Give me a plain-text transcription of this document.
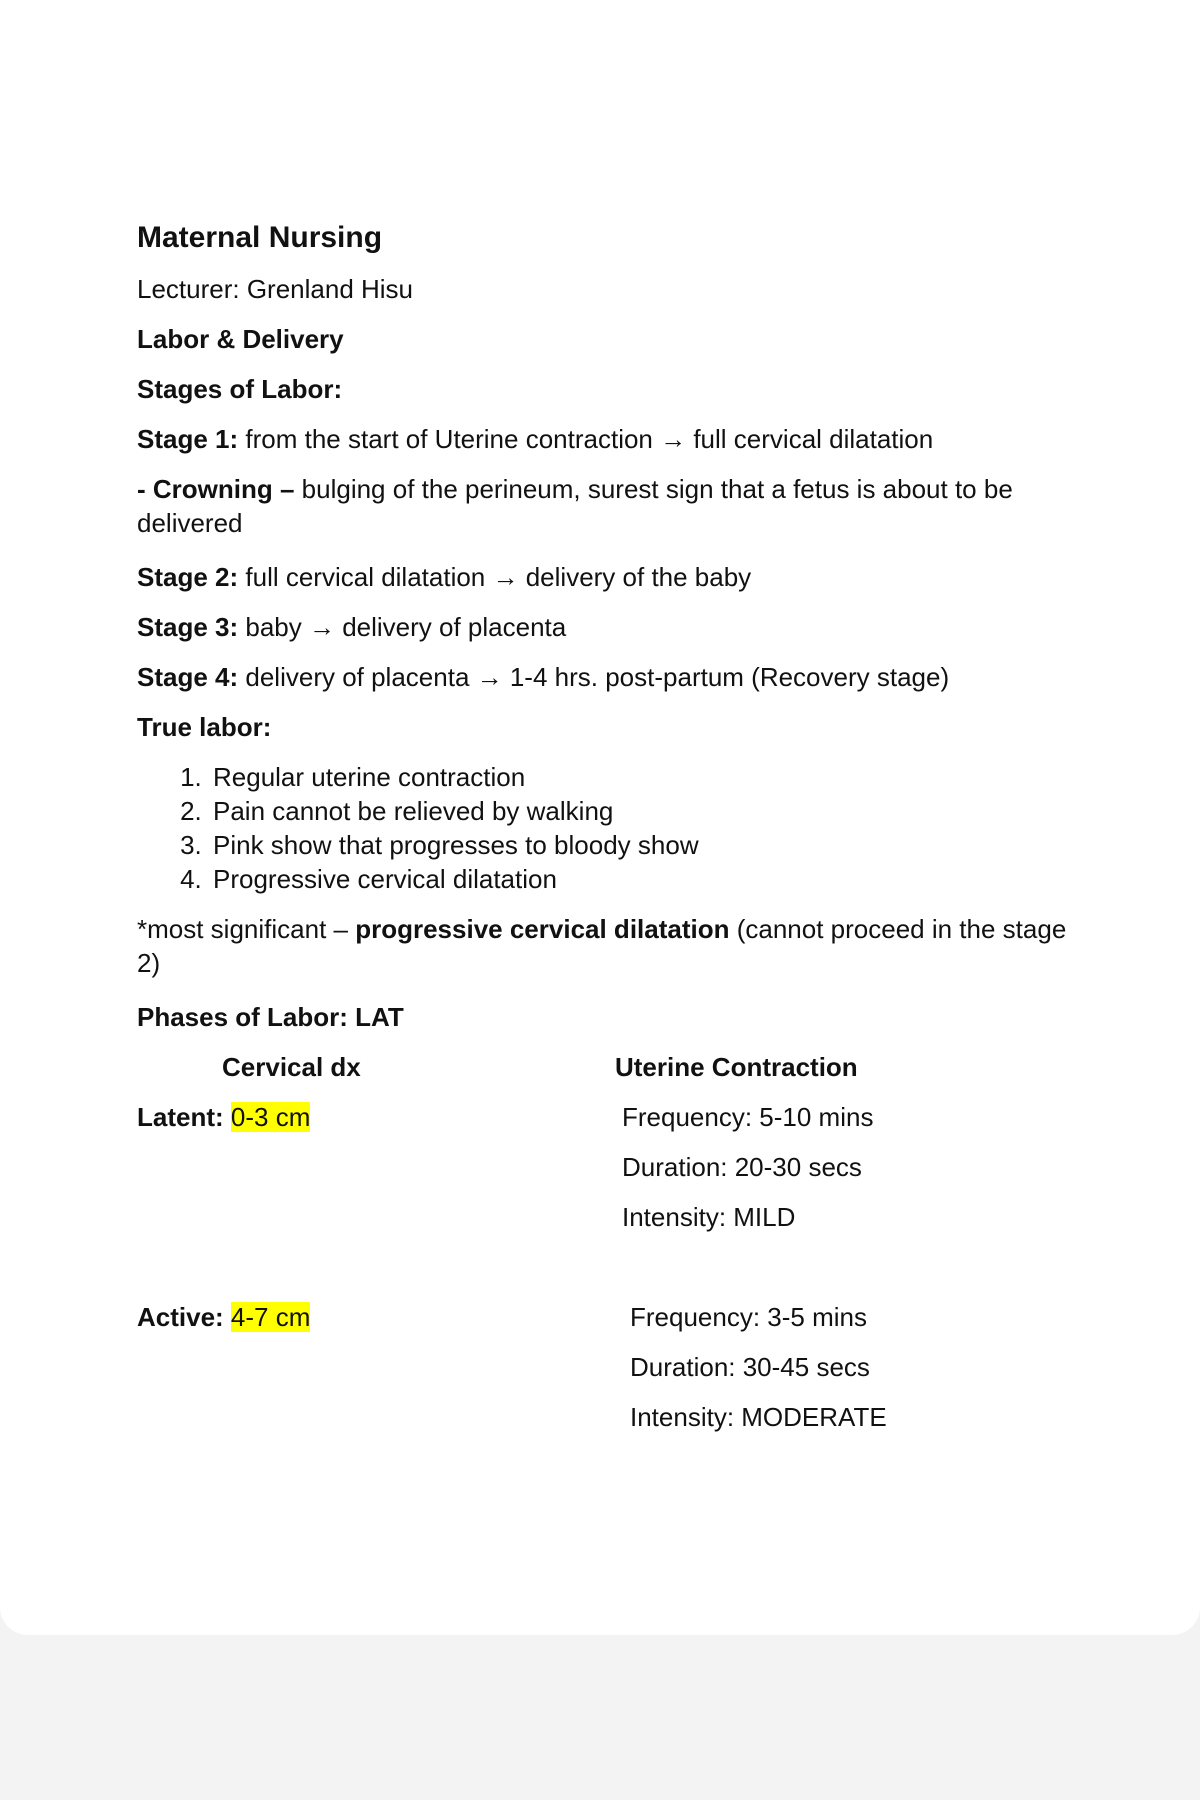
Maternal Nursing

Lecturer: Grenland Hisu

Labor & Delivery

Stages of Labor:

Stage 1: from the start of Uterine contraction → full cervical dilatation

- Crowning – bulging of the perineum, surest sign that a fetus is about to be delivered

Stage 2: full cervical dilatation → delivery of the baby

Stage 3: baby → delivery of placenta

Stage 4: delivery of placenta → 1-4 hrs. post-partum (Recovery stage)

True labor:

1. Regular uterine contraction
2. Pain cannot be relieved by walking
3. Pink show that progresses to bloody show
4. Progressive cervical dilatation

*most significant – progressive cervical dilatation (cannot proceed in the stage 2)

Phases of Labor: LAT

Cervical dx	Uterine Contraction
Latent: 0-3 cm	Frequency: 5-10 mins
	Duration: 20-30 secs
	Intensity: MILD

Active: 4-7 cm	Frequency: 3-5 mins
	Duration: 30-45 secs
	Intensity: MODERATE
